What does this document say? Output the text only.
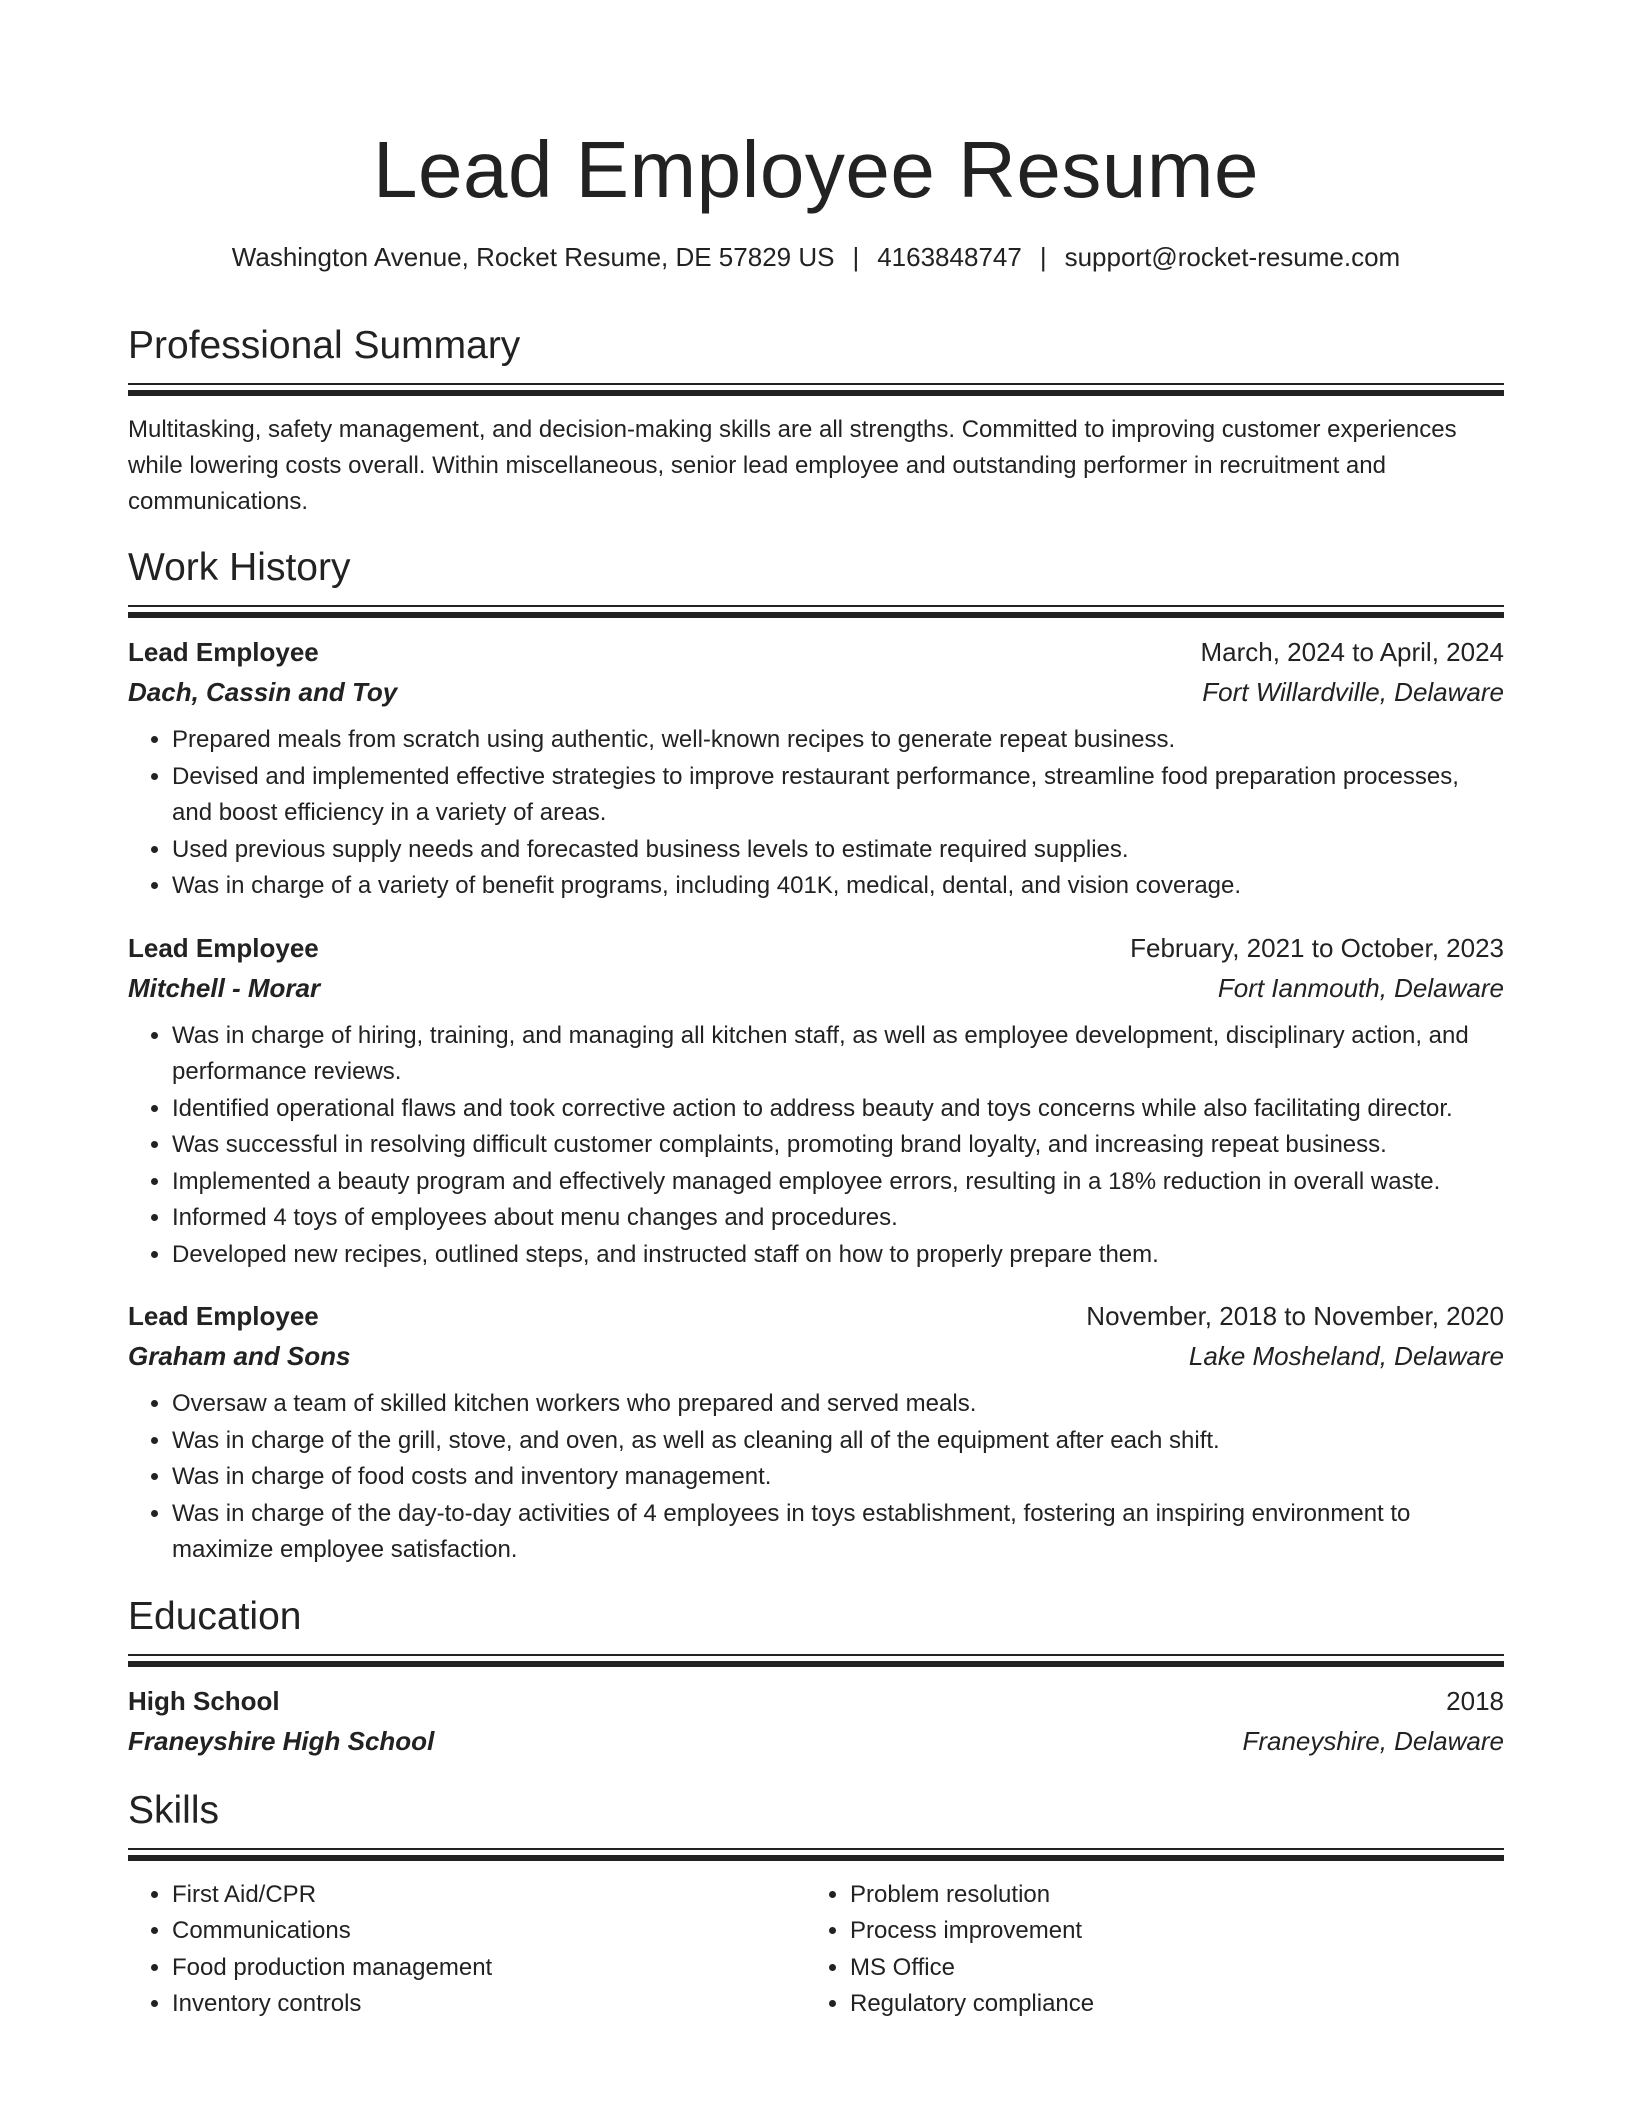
Lead Employee Resume
Washington Avenue, Rocket Resume, DE 57829 US | 4163848747 | support@rocket-resume.com
Professional Summary
Multitasking, safety management, and decision-making skills are all strengths. Committed to improving customer experiences while lowering costs overall. Within miscellaneous, senior lead employee and outstanding performer in recruitment and communications.
Work History
Lead Employee	March, 2024 to April, 2024
Dach, Cassin and Toy	Fort Willardville, Delaware
• Prepared meals from scratch using authentic, well-known recipes to generate repeat business.
• Devised and implemented effective strategies to improve restaurant performance, streamline food preparation processes, and boost efficiency in a variety of areas.
• Used previous supply needs and forecasted business levels to estimate required supplies.
• Was in charge of a variety of benefit programs, including 401K, medical, dental, and vision coverage.
Lead Employee	February, 2021 to October, 2023
Mitchell - Morar	Fort Ianmouth, Delaware
• Was in charge of hiring, training, and managing all kitchen staff, as well as employee development, disciplinary action, and performance reviews.
• Identified operational flaws and took corrective action to address beauty and toys concerns while also facilitating director.
• Was successful in resolving difficult customer complaints, promoting brand loyalty, and increasing repeat business.
• Implemented a beauty program and effectively managed employee errors, resulting in a 18% reduction in overall waste.
• Informed 4 toys of employees about menu changes and procedures.
• Developed new recipes, outlined steps, and instructed staff on how to properly prepare them.
Lead Employee	November, 2018 to November, 2020
Graham and Sons	Lake Mosheland, Delaware
• Oversaw a team of skilled kitchen workers who prepared and served meals.
• Was in charge of the grill, stove, and oven, as well as cleaning all of the equipment after each shift.
• Was in charge of food costs and inventory management.
• Was in charge of the day-to-day activities of 4 employees in toys establishment, fostering an inspiring environment to maximize employee satisfaction.
Education
High School	2018
Franeyshire High School	Franeyshire, Delaware
Skills
• First Aid/CPR
• Communications
• Food production management
• Inventory controls
• Problem resolution
• Process improvement
• MS Office
• Regulatory compliance
